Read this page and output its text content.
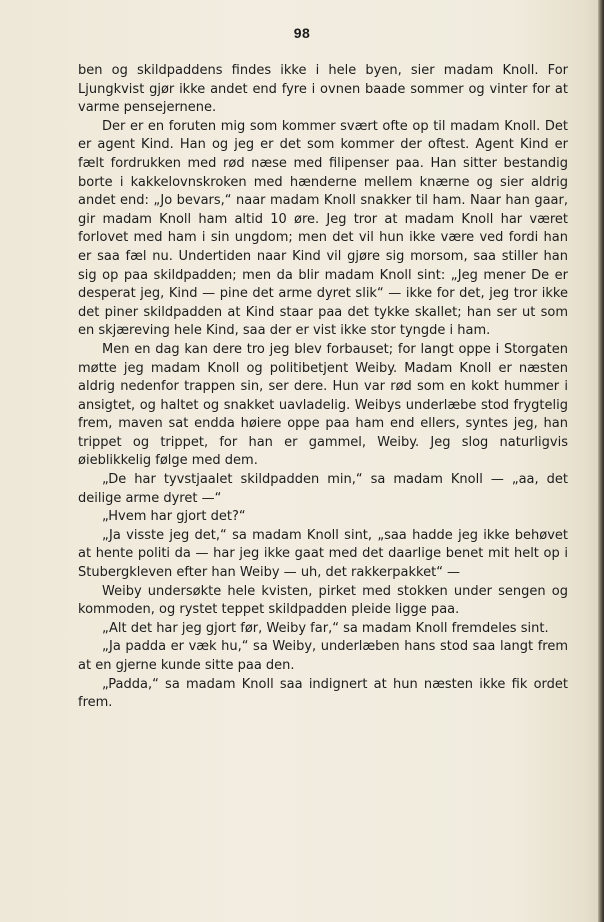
98

ben og skildpaddens findes ikke i hele byen, sier madam Knoll. For Ljungkvist gjør ikke andet end fyre i ovnen baade sommer og vinter for at varme pensejernene.

Der er en foruten mig som kommer svært ofte op til madam Knoll. Det er agent Kind. Han og jeg er det som kommer der oftest. Agent Kind er fælt fordrukken med rød næse med filipenser paa. Han sitter bestandig borte i kakkelovnskroken med hænderne mellem knærne og sier aldrig andet end: „Jo bevars,“ naar madam Knoll snakker til ham. Naar han gaar, gir madam Knoll ham altid 10 øre. Jeg tror at madam Knoll har været forlovet med ham i sin ungdom; men det vil hun ikke være ved fordi han er saa fæl nu. Undertiden naar Kind vil gjøre sig morsom, saa stiller han sig op paa skildpadden; men da blir madam Knoll sint: „Jeg mener De er desperat jeg, Kind — pine det arme dyret slik“ — ikke for det, jeg tror ikke det piner skildpadden at Kind staar paa det tykke skallet; han ser ut som en skjæreving hele Kind, saa der er vist ikke stor tyngde i ham.

Men en dag kan dere tro jeg blev forbauset; for langt oppe i Storgaten møtte jeg madam Knoll og politibetjent Weiby. Madam Knoll er næsten aldrig nedenfor trappen sin, ser dere. Hun var rød som en kokt hummer i ansigtet, og haltet og snakket uavladelig. Weibys underlæbe stod frygtelig frem, maven sat endda høiere oppe paa ham end ellers, syntes jeg, han trippet og trippet, for han er gammel, Weiby. Jeg slog naturligvis øieblikkelig følge med dem.

„De har tyvstjaalet skildpadden min,“ sa madam Knoll — „aa, det deilige arme dyret —“

„Hvem har gjort det?“

„Ja visste jeg det,“ sa madam Knoll sint, „saa hadde jeg ikke behøvet at hente politi da — har jeg ikke gaat med det daarlige benet mit helt op i Stubergkleven efter han Weiby — uh, det rakkerpakket“ —

Weiby undersøkte hele kvisten, pirket med stokken under sengen og kommoden, og rystet teppet skildpadden pleide ligge paa.

„Alt det har jeg gjort før, Weiby far,“ sa madam Knoll fremdeles sint.

„Ja padda er væk hu,“ sa Weiby, underlæben hans stod saa langt frem at en gjerne kunde sitte paa den.

„Padda,“ sa madam Knoll saa indignert at hun næsten ikke fik ordet frem.
